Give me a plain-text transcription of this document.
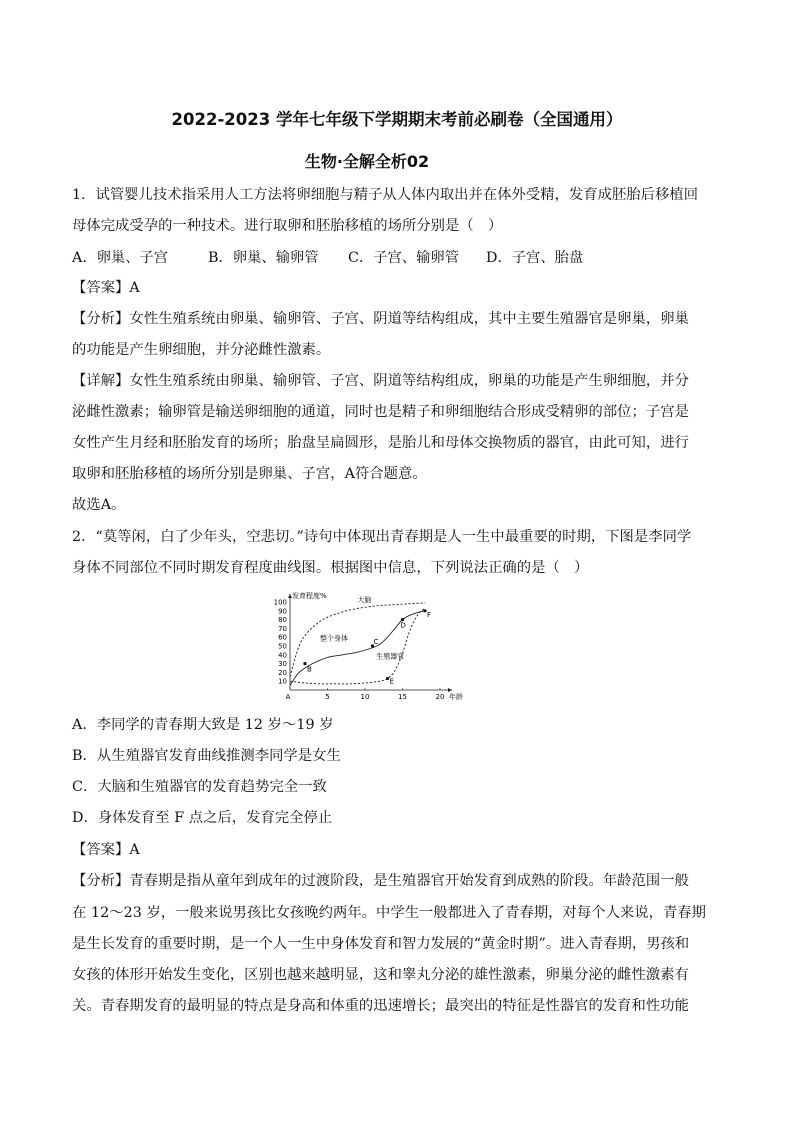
2022-2023 学年七年级下学期期末考前必刷卷（全国通用）
生物·全解全析02
1．试管婴儿技术指采用人工方法将卵细胞与精子从人体内取出并在体外受精，发育成胚胎后移植回
母体完成受孕的一种技术。进行取卵和胚胎移植的场所分别是（　）
A．卵巢、子宫	B．卵巢、输卵管 C．子宫、输卵管 D．子宫、胎盘
【答案】A
【分析】女性生殖系统由卵巢、输卵管、子宫、阴道等结构组成，其中主要生殖器官是卵巢，卵巢
的功能是产生卵细胞，并分泌雌性激素。
【详解】女性生殖系统由卵巢、输卵管、子宫、阴道等结构组成，卵巢的功能是产生卵细胞，并分
泌雌性激素；输卵管是输送卵细胞的通道，同时也是精子和卵细胞结合形成受精卵的部位；子宫是
女性产生月经和胚胎发育的场所；胎盘呈扁圆形，是胎儿和母体交换物质的器官，由此可知，进行
取卵和胚胎移植的场所分别是卵巢、子宫，A符合题意。
故选A。
2．“莫等闲，白了少年头，空悲切。”诗句中体现出青春期是人一生中最重要的时期，下图是李同学
身体不同部位不同时期发育程度曲线图。根据图中信息，下列说法正确的是（　）
发育程度%
10
20
30
40
50
60
70
80
90
100
A	5	10	15	20 年龄
大脑
整个身体
生殖器官
B
C
D
E
F
A．李同学的青春期大致是 12 岁～19 岁
B．从生殖器官发育曲线推测李同学是女生
C．大脑和生殖器官的发育趋势完全一致
D．身体发育至 F 点之后，发育完全停止
【答案】A
【分析】青春期是指从童年到成年的过渡阶段，是生殖器官开始发育到成熟的阶段。年龄范围一般
在 12～23 岁，一般来说男孩比女孩晚约两年。中学生一般都进入了青春期，对每个人来说，青春期
是生长发育的重要时期，是一个人一生中身体发育和智力发展的“黄金时期”。进入青春期，男孩和
女孩的体形开始发生变化，区别也越来越明显，这和睾丸分泌的雄性激素，卵巢分泌的雌性激素有
关。青春期发育的最明显的特点是身高和体重的迅速增长；最突出的特征是性器官的发育和性功能
